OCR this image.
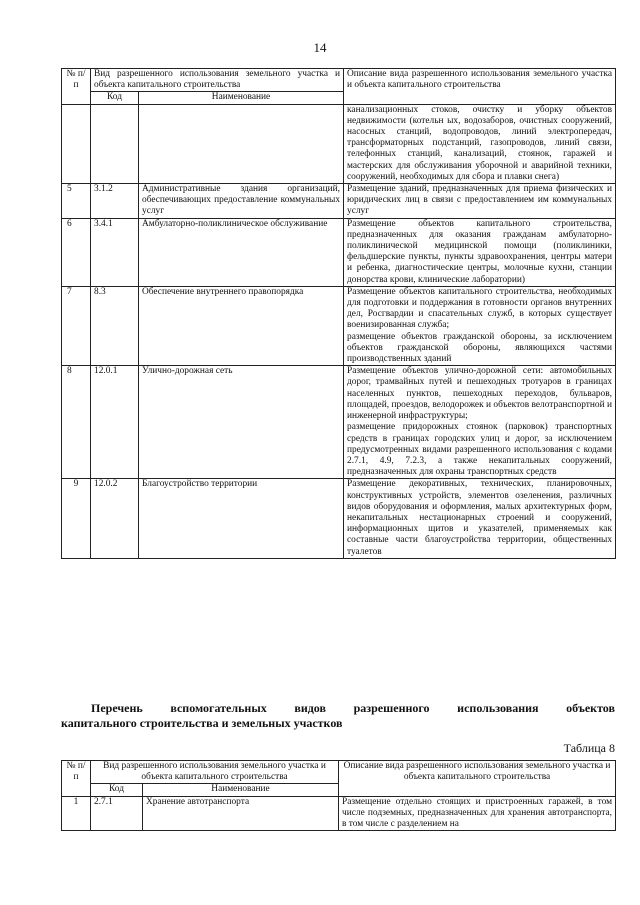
14
№ п/п	Вид разрешенного использования земельного участка и объекта капитального строительства		Описание вида разрешенного использования земельного участка и объекта капитального строительства
	Код	Наименование	
			канализационных стоков, очистку и уборку объектов недвижимости (котельн ых, водозаборов, очистных сооружений, насосных станций, водопроводов, линий электропередач, трансформаторных подстанций, газопроводов, линий связи, телефонных станций, канализаций, стоянок, гаражей и мастерских для обслуживания уборочной и аварийной техники, сооружений, необходимых для сбора и плавки снега)
5	3.1.2	Административные здания организаций, обеспечивающих предоставление коммунальных услуг	Размещение зданий, предназначенных для приема физических и юридических лиц в связи с предоставлением им коммунальных услуг
6	3.4.1	Амбулаторно-поликлиническое обслуживание	Размещение объектов капитального строительства, предназначенных для оказания гражданам амбулаторно-поликлинической медицинской помощи (поликлиники, фельдшерские пункты, пункты здравоохранения, центры матери и ребенка, диагностические центры, молочные кухни, станции донорства крови, клинические лаборатории)
7	8.3	Обеспечение внутреннего правопорядка	Размещение объектов капитального строительства, необходимых для подготовки и поддержания в готовности органов внутренних дел, Росгвардии и спасательных служб, в которых существует военизированная служба;
размещение объектов гражданской обороны, за исключением объектов гражданской обороны, являющихся частями производственных зданий

8	12.0.1	Улично-дорожная сеть	Размещение объектов улично-дорожной сети: автомобильных дорог, трамвайных путей и пешеходных тротуаров в границах населенных пунктов, пешеходных переходов, бульваров, площадей, проездов, велодорожек и объектов велотранспортной и инженерной инфраструктуры;
размещение придорожных стоянок (парковок) транспортных средств в границах городских улиц и дорог, за исключением предусмотренных видами разрешенного использования с кодами 2.7.1, 4.9, 7.2.3, а также некапитальных сооружений, предназначенных для охраны транспортных средств

9	12.0.2	Благоустройство территории	Размещение декоративных, технических, планировочных, конструктивных устройств, элементов озеленения, различных видов оборудования и оформления, малых архитектурных форм, некапитальных нестационарных строений и сооружений, информационных щитов и указателей, применяемых как составные части благоустройства территории, общественных туалетов
Перечень вспомогательных видов разрешенного использования объектов
капитального строительства и земельных участков
Таблица 8
№ п/п	Вид разрешенного использования земельного участка и объекта капитального строительства		Описание вида разрешенного использования земельного участка и объекта капитального строительства
	Код	Наименование	
1	2.7.1	Хранение автотранспорта	Размещение отдельно стоящих и пристроенных гаражей, в том числе подземных, предназначенных для хранения автотранспорта, в том числе с разделением на
